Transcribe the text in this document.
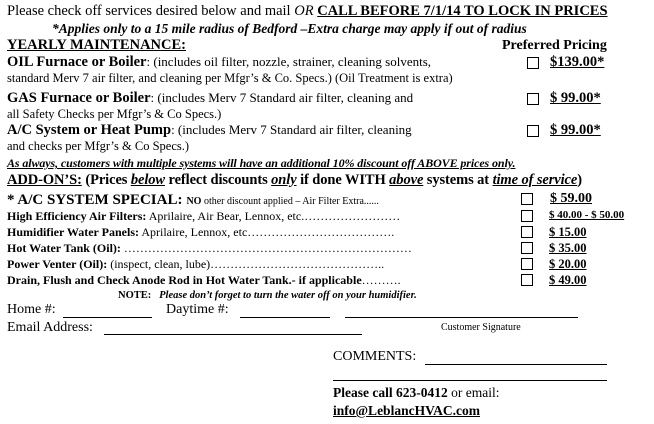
Please check off services desired below and mail OR CALL BEFORE 7/1/14 TO LOCK IN PRICES
*Applies only to a 15 mile radius of Bedford –Extra charge may apply if out of radius
YEARLY MAINTENANCE:	Preferred Pricing
OIL Furnace or Boiler: (includes oil filter, nozzle, strainer, cleaning solvents,
standard Merv 7 air filter, and cleaning per Mfgr’s & Co. Specs.) (Oil Treatment is extra)
$139.00*
GAS Furnace or Boiler: (includes Merv 7 Standard air filter, cleaning and
all Safety Checks per Mfgr’s & Co Specs.)
$ 99.00*
A/C System or Heat Pump: (includes Merv 7 Standard air filter, cleaning
and checks per Mfgr’s & Co Specs.)
$ 99.00*
As always, customers with multiple systems will have an additional 10% discount off ABOVE prices only.
ADD-ON’S: (Prices below reflect discounts only if done WITH above systems at time of service)
* A/C SYSTEM SPECIAL: NO other discount applied – Air Filter Extra......	$ 59.00
High Efficiency Air Filters: Aprilaire, Air Bear, Lennox, etc.……………………	$ 40.00 - $ 50.00
Humidifier Water Panels: Aprilaire, Lennox, etc……………………………….	$ 15.00
Hot Water Tank (Oil): ………………………………………………………………	$ 35.00
Power Venter (Oil): (inspect, clean, lube)……………………………………..	$ 20.00
Drain, Flush and Check Anode Rod in Hot Water Tank.- if applicable……….	$ 49.00
NOTE: Please don’t forget to turn the water off on your humidifier.
Home #:	Daytime #:
Email Address:	Customer Signature
COMMENTS:
Please call 623-0412 or email:
info@LeblancHVAC.com
